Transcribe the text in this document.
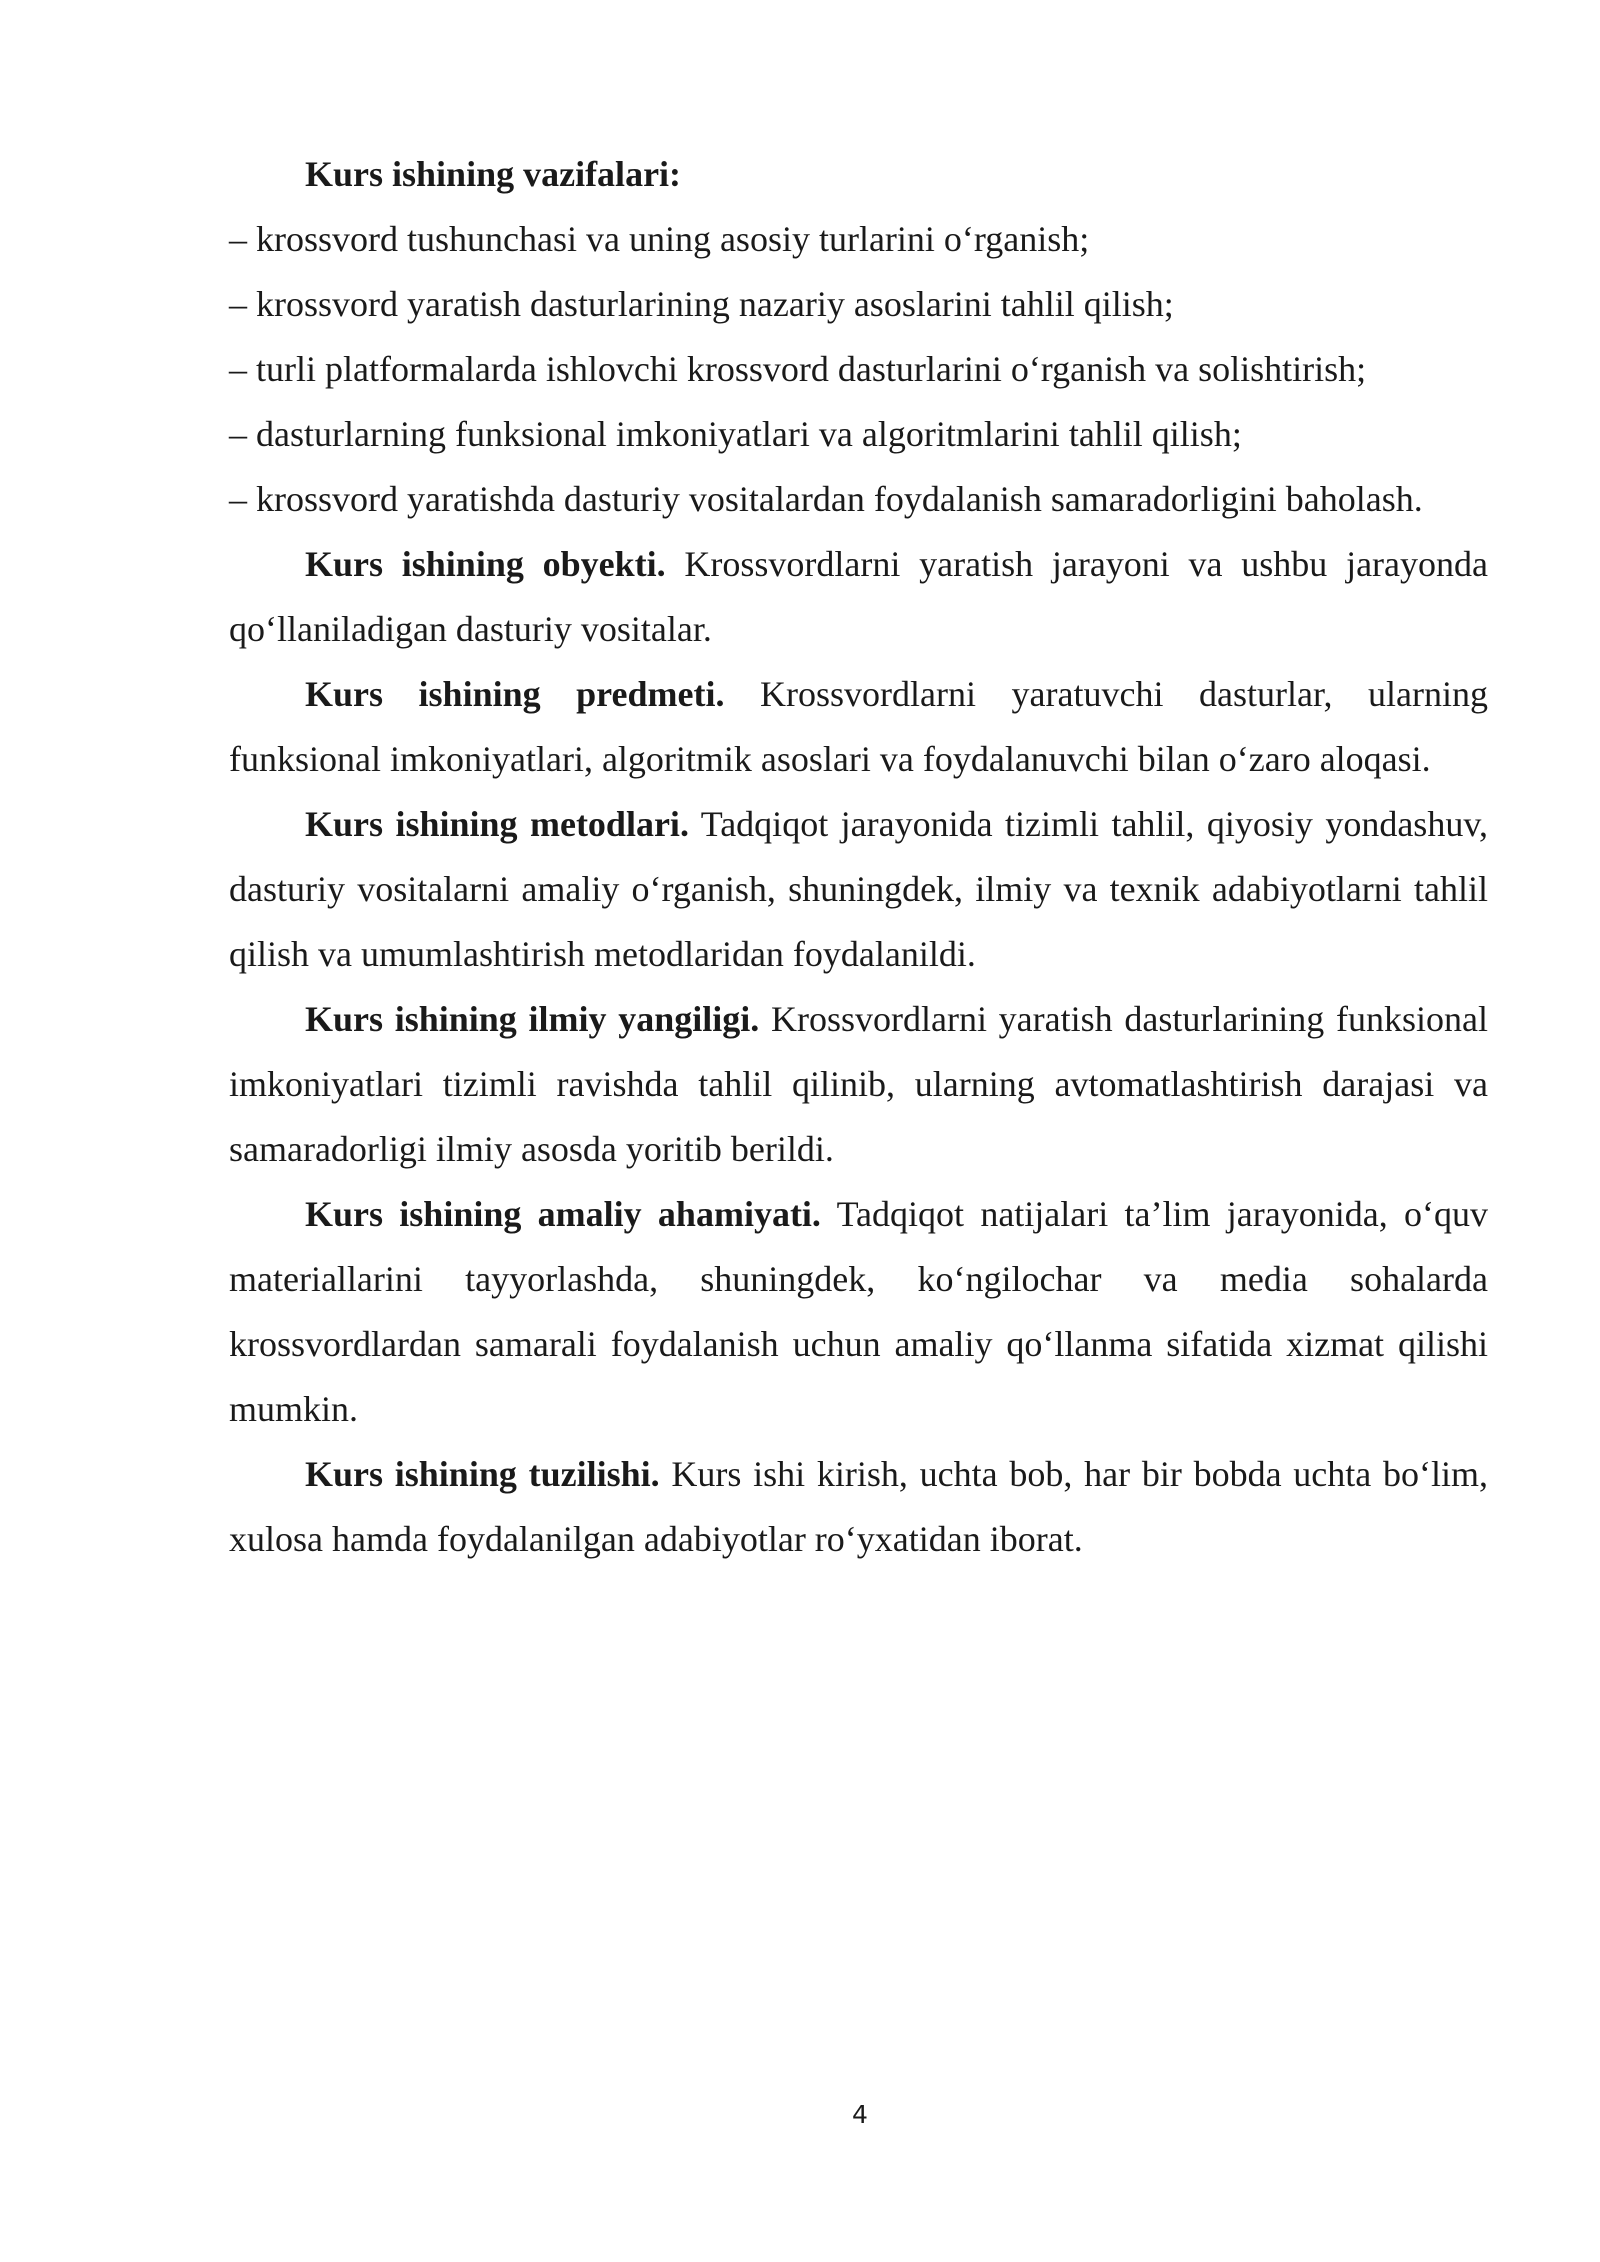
Kurs ishining vazifalari:

– krossvord tushunchasi va uning asosiy turlarini o‘rganish;

– krossvord yaratish dasturlarining nazariy asoslarini tahlil qilish;

– turli platformalarda ishlovchi krossvord dasturlarini o‘rganish va solishtirish;

– dasturlarning funksional imkoniyatlari va algoritmlarini tahlil qilish;

– krossvord yaratishda dasturiy vositalardan foydalanish samaradorligini baholash.

Kurs ishining obyekti. Krossvordlarni yaratish jarayoni va ushbu jarayonda qo‘llaniladigan dasturiy vositalar.

Kurs ishining predmeti. Krossvordlarni yaratuvchi dasturlar, ularning funksional imkoniyatlari, algoritmik asoslari va foydalanuvchi bilan o‘zaro aloqasi.

Kurs ishining metodlari. Tadqiqot jarayonida tizimli tahlil, qiyosiy yondashuv, dasturiy vositalarni amaliy o‘rganish, shuningdek, ilmiy va texnik adabiyotlarni tahlil qilish va umumlashtirish metodlaridan foydalanildi.

Kurs ishining ilmiy yangiligi. Krossvordlarni yaratish dasturlarining funksional imkoniyatlari tizimli ravishda tahlil qilinib, ularning avtomatlashtirish darajasi va samaradorligi ilmiy asosda yoritib berildi.

Kurs ishining amaliy ahamiyati. Tadqiqot natijalari ta’lim jarayonida, o‘quv materiallarini tayyorlashda, shuningdek, ko‘ngilochar va media sohalarda krossvordlardan samarali foydalanish uchun amaliy qo‘llanma sifatida xizmat qilishi mumkin.

Kurs ishining tuzilishi. Kurs ishi kirish, uchta bob, har bir bobda uchta bo‘lim, xulosa hamda foydalanilgan adabiyotlar ro‘yxatidan iborat.

4
